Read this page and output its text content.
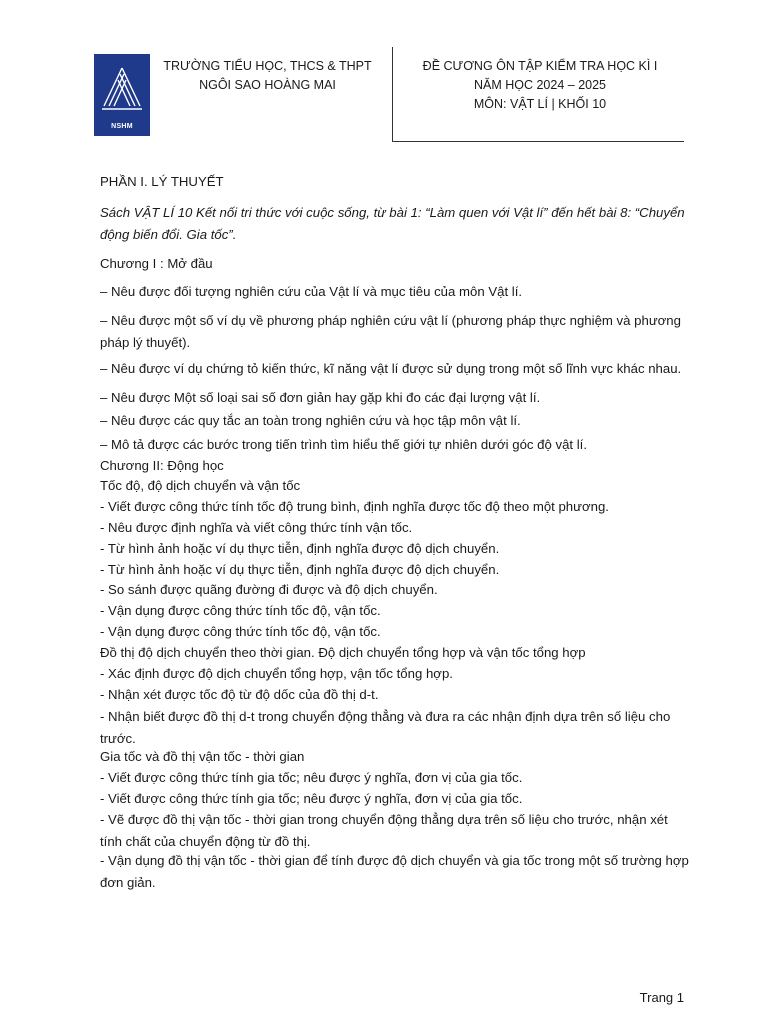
NSHM
TRƯỜNG TIỂU HỌC, THCS & THPT
NGÔI SAO HOÀNG MAI
ĐỀ CƯƠNG ÔN TẬP KIỂM TRA HỌC KÌ I
NĂM HỌC 2024 – 2025
MÔN: VẬT LÍ | KHỐI 10

PHẦN I. LÝ THUYẾT

Sách VẬT LÍ 10 Kết nối tri thức với cuộc sống, từ bài 1: “Làm quen với Vật lí” đến hết bài 8: “Chuyển động biến đổi. Gia tốc”.

Chương I : Mở đầu

– Nêu được đối tượng nghiên cứu của Vật lí và mục tiêu của môn Vật lí.

– Nêu được một số ví dụ về phương pháp nghiên cứu vật lí (phương pháp thực nghiệm và phương pháp lý thuyết).

– Nêu được ví dụ chứng tỏ kiến thức, kĩ năng vật lí được sử dụng trong một số lĩnh vực khác nhau.

– Nêu được Một số loại sai số đơn giản hay gặp khi đo các đại lượng vật lí.

– Nêu được các quy tắc an toàn trong nghiên cứu và học tập môn vật lí.

– Mô tả được các bước trong tiến trình tìm hiểu thế giới tự nhiên dưới góc độ vật lí.

Chương II: Động học

Tốc độ, độ dịch chuyển và vận tốc

- Viết được công thức tính tốc độ trung bình, định nghĩa được tốc độ theo một phương.

- Nêu được định nghĩa và viết công thức tính vận tốc.

- Từ hình ảnh hoặc ví dụ thực tiễn, định nghĩa được độ dịch chuyển.

- Từ hình ảnh hoặc ví dụ thực tiễn, định nghĩa được độ dịch chuyển.

- So sánh được quãng đường đi được và độ dịch chuyển.

- Vận dụng được công thức tính tốc độ, vận tốc.

- Vận dụng được công thức tính tốc độ, vận tốc.

Đồ thị độ dịch chuyển theo thời gian. Độ dịch chuyển tổng hợp và vận tốc tổng hợp

- Xác định được độ dịch chuyển tổng hợp, vận tốc tổng hợp.

- Nhận xét được tốc độ từ độ dốc của đồ thị d-t.

- Nhận biết được đồ thị d-t trong chuyển động thẳng và đưa ra các nhận định dựa trên số liệu cho trước.

Gia tốc và đồ thị vận tốc - thời gian

- Viết được công thức tính gia tốc; nêu được ý nghĩa, đơn vị của gia tốc.

- Viết được công thức tính gia tốc; nêu được ý nghĩa, đơn vị của gia tốc.

- Vẽ được đồ thị vận tốc - thời gian trong chuyển động thẳng dựa trên số liệu cho trước, nhận xét tính chất của chuyển động từ đồ thị.

- Vận dụng đồ thị vận tốc - thời gian để tính được độ dịch chuyển và gia tốc trong một số trường hợp đơn giản.

Trang 1
